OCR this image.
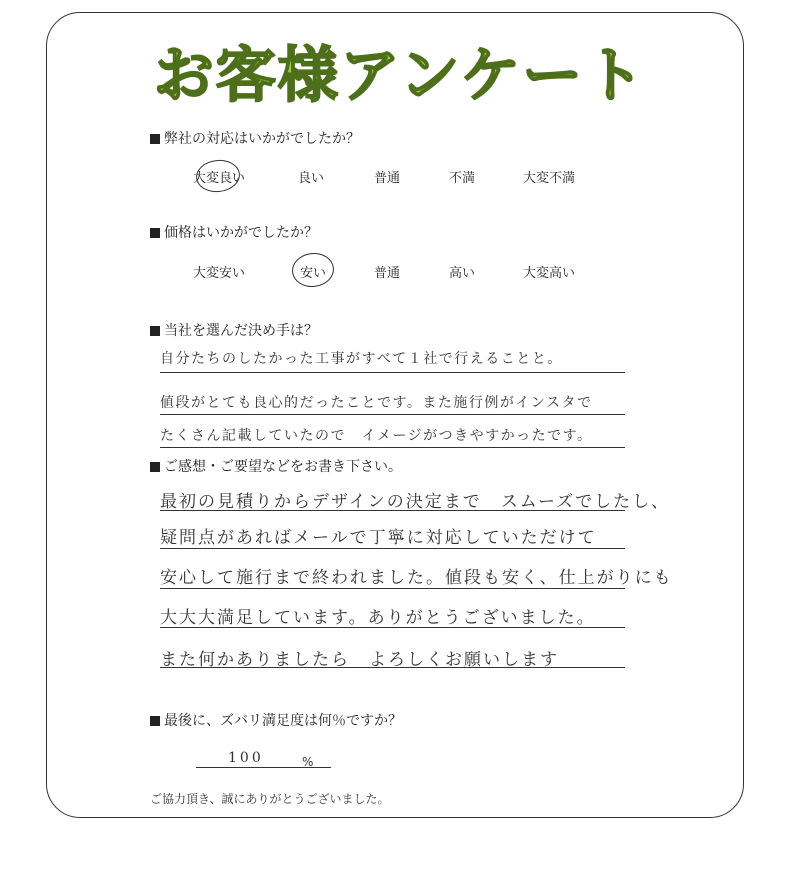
お客様アンケート
弊社の対応はいかがでしたか？
大変良い	良い	普通	不満	大変不満
価格はいかがでしたか？
大変安い	安い	普通	高い	大変高い
当社を選んだ決め手は？
自分たちのしたかった工事がすべて１社で行えることと。
値段がとても良心的だったことです。また施行例がインスタで
たくさん記載していたので　イメージがつきやすかったです。
ご感想・ご要望などをお書き下さい。
最初の見積りからデザインの決定まで　スムーズでしたし、
疑問点があればメールで丁寧に対応していただけて
安心して施行まで終われました。値段も安く、仕上がりにも
大大大満足しています。ありがとうございました。
また何かありましたら　よろしくお願いします
最後に、ズバリ満足度は何％ですか？
100	%
ご協力頂き、誠にありがとうございました。
